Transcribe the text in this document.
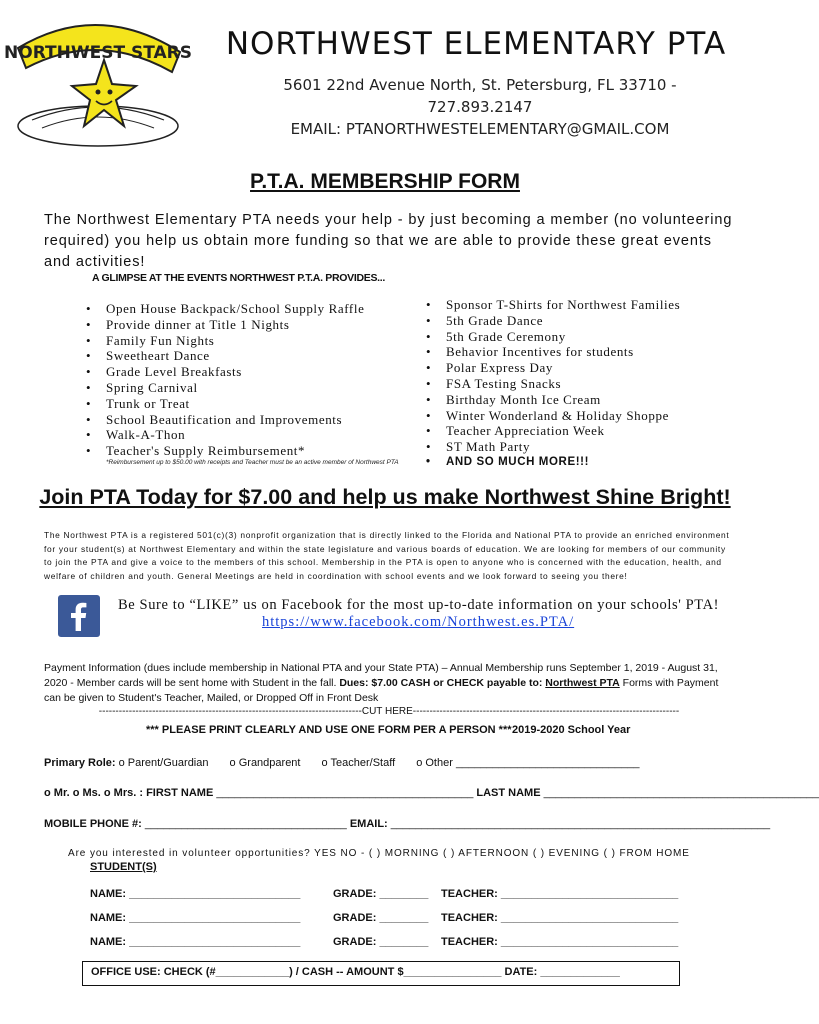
NORTHWEST STARS	NORTHWEST ELEMENTARY PTA
5601 22nd Avenue North, St. Petersburg, FL 33710 - 727.893.2147
EMAIL: PTANORTHWESTELEMENTARY@GMAIL.COM
P.T.A. MEMBERSHIP FORM
The Northwest Elementary PTA needs your help - by just becoming a member (no volunteering required) you help us obtain more funding so that we are able to provide these great events and activities!
A GLIMPSE AT THE EVENTS NORTHWEST P.T.A. PROVIDES...
• Open House Backpack/School Supply Raffle
• Provide dinner at Title 1 Nights
• Family Fun Nights
• Sweetheart Dance
• Grade Level Breakfasts
• Spring Carnival
• Trunk or Treat
• School Beautification and Improvements
• Walk-A-Thon
• Teacher's Supply Reimbursement*
*Reimbursement up to $50.00 with receipts and Teacher must be an active member of Northwest PTA
• Sponsor T-Shirts for Northwest Families
• 5th Grade Dance
• 5th Grade Ceremony
• Behavior Incentives for students
• Polar Express Day
• FSA Testing Snacks
• Birthday Month Ice Cream
• Winter Wonderland & Holiday Shoppe
• Teacher Appreciation Week
• ST Math Party
• AND SO MUCH MORE!!!
Join PTA Today for $7.00 and help us make Northwest Shine Bright!
The Northwest PTA is a registered 501(c)(3) nonprofit organization that is directly linked to the Florida and National PTA to provide an enriched environment for your student(s) at Northwest Elementary and within the state legislature and various boards of education. We are looking for members of our community to join the PTA and give a voice to the members of this school. Membership in the PTA is open to anyone who is concerned with the education, health, and welfare of children and youth. General Meetings are held in coordination with school events and we look forward to seeing you there!
Be Sure to “LIKE” us on Facebook for the most up-to-date information on your schools' PTA!
https://www.facebook.com/Northwest.es.PTA/
Payment Information (dues include membership in National PTA and your State PTA) – Annual Membership runs September 1, 2019 - August 31, 2020 - Member cards will be sent home with Student in the fall. Dues: $7.00 CASH or CHECK payable to: Northwest PTA Forms with Payment can be given to Student's Teacher, Mailed, or Dropped Off in Front Desk
-------------------------------------------------------------------------------CUT HERE--------------------------------------------------------------------------------
*** PLEASE PRINT CLEARLY AND USE ONE FORM PER A PERSON *** 2019-2020 School Year
Primary Role: o Parent/Guardian o Grandparent o Teacher/Staff o Other ______________________________
o Mr. o Ms. o Mrs. : FIRST NAME __________________________________________ LAST NAME _____________________________________________
MOBILE PHONE #: _________________________________ EMAIL: ______________________________________________________________
Are you interested in volunteer opportunities? YES NO - ( ) MORNING ( ) AFTERNOON ( ) EVENING ( ) FROM HOME
STUDENT(S)
NAME: ____________________________	GRADE: ________ TEACHER: _____________________________
NAME: ____________________________	GRADE: ________ TEACHER: _____________________________
NAME: ____________________________	GRADE: ________ TEACHER: _____________________________
OFFICE USE: CHECK (#____________) / CASH -- AMOUNT $________________ DATE: _____________
